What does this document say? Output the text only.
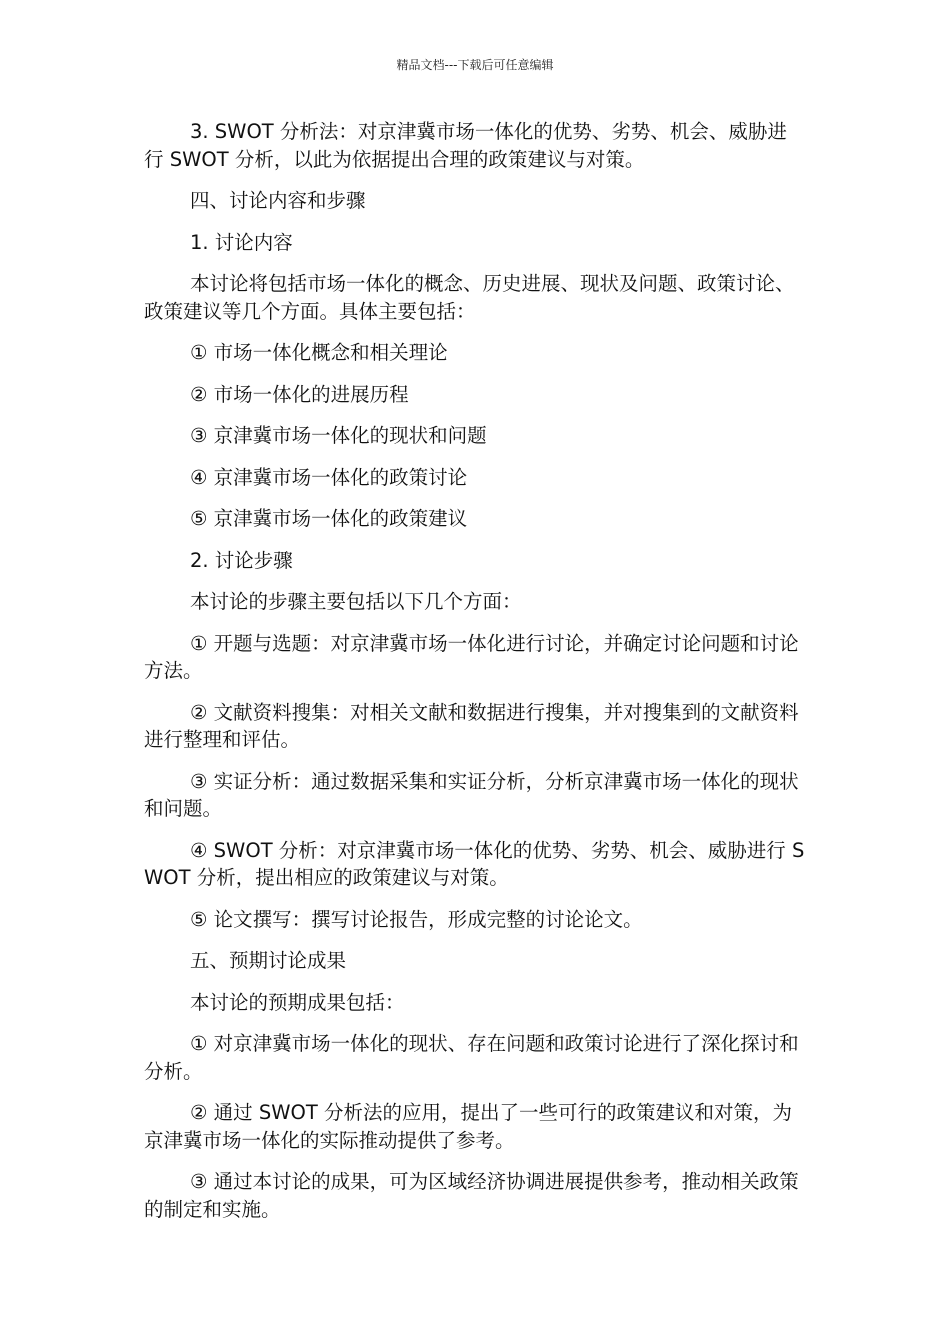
精品文档---下载后可任意编辑

3. SWOT 分析法：对京津冀市场一体化的优势、劣势、机会、威胁进行 SWOT 分析，以此为依据提出合理的政策建议与对策。

四、讨论内容和步骤

1. 讨论内容

本讨论将包括市场一体化的概念、历史进展、现状及问题、政策讨论、政策建议等几个方面。具体主要包括：

① 市场一体化概念和相关理论

② 市场一体化的进展历程

③ 京津冀市场一体化的现状和问题

④ 京津冀市场一体化的政策讨论

⑤ 京津冀市场一体化的政策建议

2. 讨论步骤

本讨论的步骤主要包括以下几个方面：

① 开题与选题：对京津冀市场一体化进行讨论，并确定讨论问题和讨论方法。

② 文献资料搜集：对相关文献和数据进行搜集，并对搜集到的文献资料进行整理和评估。

③ 实证分析：通过数据采集和实证分析，分析京津冀市场一体化的现状和问题。

④ SWOT 分析：对京津冀市场一体化的优势、劣势、机会、威胁进行 SWOT 分析，提出相应的政策建议与对策。

⑤ 论文撰写：撰写讨论报告，形成完整的讨论论文。

五、预期讨论成果

本讨论的预期成果包括：

① 对京津冀市场一体化的现状、存在问题和政策讨论进行了深化探讨和分析。

② 通过 SWOT 分析法的应用，提出了一些可行的政策建议和对策，为京津冀市场一体化的实际推动提供了参考。

③ 通过本讨论的成果，可为区域经济协调进展提供参考，推动相关政策的制定和实施。
